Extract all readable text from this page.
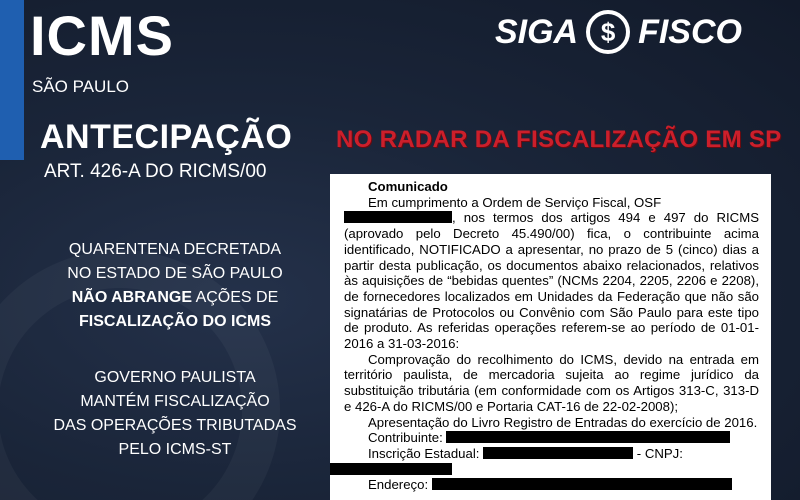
ICMS
SÃO PAULO
SIGA $ FISCO
ANTECIPAÇÃO
ART. 426-A DO RICMS/00
NO RADAR DA FISCALIZAÇÃO EM SP
QUARENTENA DECRETADA
NO ESTADO DE SÃO PAULO
NÃO ABRANGE AÇÕES DE
FISCALIZAÇÃO DO ICMS
GOVERNO PAULISTA
MANTÉM FISCALIZAÇÃO
DAS OPERAÇÕES TRIBUTADAS
PELO ICMS-ST

Comunicado

Em cumprimento a Ordem de Serviço Fiscal, OSF
, nos termos dos artigos 494 e 497 do RICMS (aprovado pelo Decreto 45.490/00) fica, o contribuinte acima identificado, NOTIFICADO a apresentar, no prazo de 5 (cinco) dias a partir desta publicação, os documentos abaixo relacionados, relativos às aquisições de “bebidas quentes” (NCMs 2204, 2205, 2206 e 2208), de fornecedores localizados em Unidades da Federação que não são signatárias de Protocolos ou Convênio com São Paulo para este tipo de produto. As referidas operações referem-se ao período de 01-01-2016 a 31-03-2016:

Comprovação do recolhimento do ICMS, devido na entrada em território paulista, de mercadoria sujeita ao regime jurídico da substituição tributária (em conformidade com os Artigos 313-C, 313-D e 426-A do RICMS/00 e Portaria CAT-16 de 22-02-2008);

Apresentação do Livro Registro de Entradas do exercício de 2016.

Contribuinte:

Inscrição Estadual:	- CNPJ:

Endereço:
